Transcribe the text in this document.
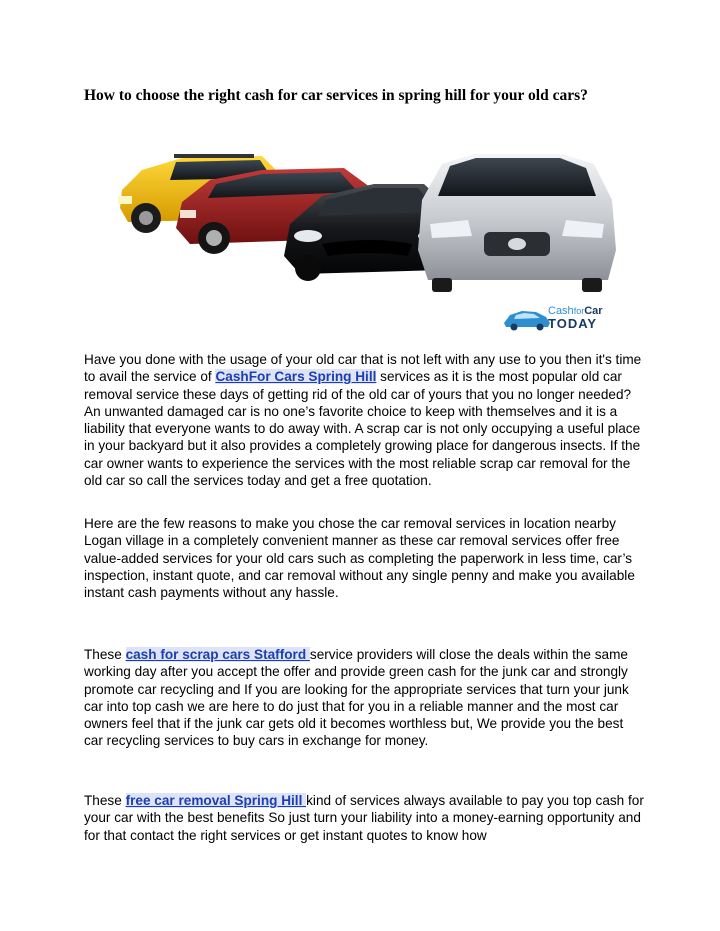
How to choose the right cash for car services in spring hill for your old cars?
CashforCar
TODAY

Have you done with the usage of your old car that is not left with any use to you then it's time to avail the service of CashFor Cars Spring Hill services as it is the most popular old car removal service these days of getting rid of the old car of yours that you no longer needed? An unwanted damaged car is no one’s favorite choice to keep with themselves and it is a liability that everyone wants to do away with. A scrap car is not only occupying a useful place in your backyard but it also provides a completely growing place for dangerous insects. If the car owner wants to experience the services with the most reliable scrap car removal for the old car so call the services today and get a free quotation.

Here are the few reasons to make you chose the car removal services in location nearby Logan village in a completely convenient manner as these car removal services offer free value-added services for your old cars such as completing the paperwork in less time, car’s inspection, instant quote, and car removal without any single penny and make you available instant cash payments without any hassle.

These cash for scrap cars Stafford service providers will close the deals within the same working day after you accept the offer and provide green cash for the junk car and strongly promote car recycling and If you are looking for the appropriate services that turn your junk car into top cash we are here to do just that for you in a reliable manner and the most car owners feel that if the junk car gets old it becomes worthless but, We provide you the best car recycling services to buy cars in exchange for money.

These free car removal Spring Hill kind of services always available to pay you top cash for your car with the best benefits So just turn your liability into a money-earning opportunity and for that contact the right services or get instant quotes to know how
